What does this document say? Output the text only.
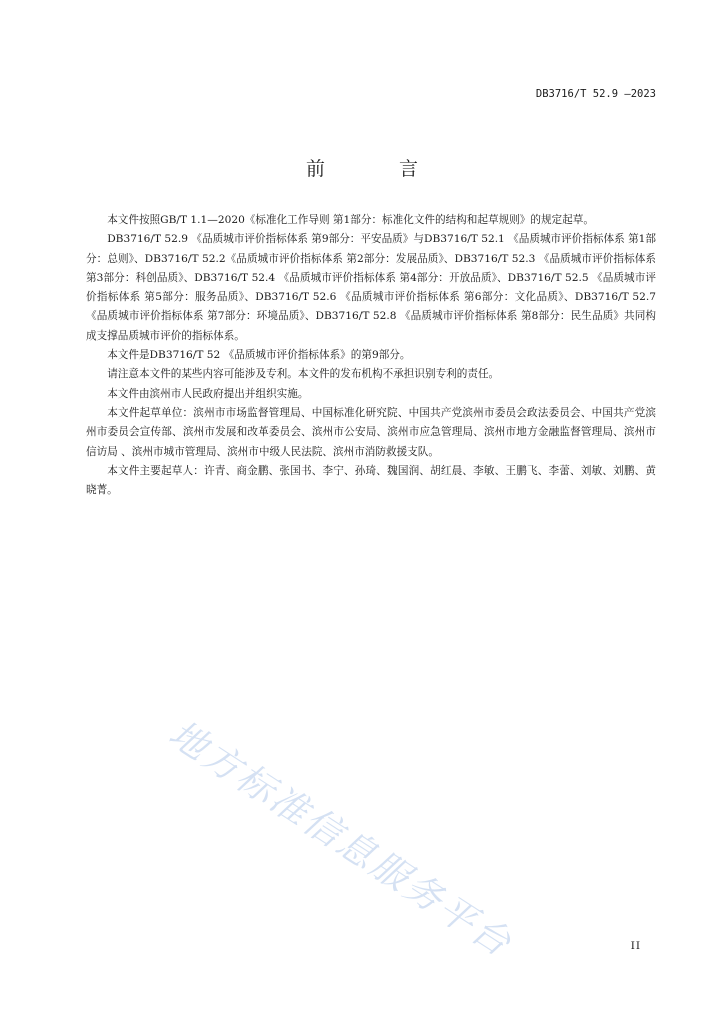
DB3716/T 52.9 —2023
前 言

本文件按照GB/T 1.1—2020《标准化工作导则 第1部分：标准化文件的结构和起草规则》的规定起草。

DB3716/T 52.9 《品质城市评价指标体系 第9部分：平安品质》与DB3716/T 52.1 《品质城市评价指标体系 第1部分：总则》、DB3716/T 52.2《品质城市评价指标体系 第2部分：发展品质》、DB3716/T 52.3 《品质城市评价指标体系 第3部分：科创品质》、DB3716/T 52.4 《品质城市评价指标体系 第4部分：开放品质》、DB3716/T 52.5 《品质城市评价指标体系 第5部分：服务品质》、DB3716/T 52.6 《品质城市评价指标体系 第6部分：文化品质》、DB3716/T 52.7 《品质城市评价指标体系 第7部分：环境品质》、DB3716/T 52.8 《品质城市评价指标体系 第8部分：民生品质》共同构成支撑品质城市评价的指标体系。

本文件是DB3716/T 52 《品质城市评价指标体系》的第9部分。

请注意本文件的某些内容可能涉及专利。本文件的发布机构不承担识别专利的责任。

本文件由滨州市人民政府提出并组织实施。

本文件起草单位：滨州市市场监督管理局、中国标准化研究院、中国共产党滨州市委员会政法委员会、中国共产党滨州市委员会宣传部、滨州市发展和改革委员会、滨州市公安局、滨州市应急管理局、滨州市地方金融监督管理局、滨州市信访局 、滨州市城市管理局、滨州市中级人民法院、滨州市消防救援支队。

本文件主要起草人：许青、商金鹏、张国书、李宁、孙琦、魏国润、胡红晨、李敏、王鹏飞、李蕾、刘敏、刘鹏、黄晓菁。

地方标准信息服务平台	II
